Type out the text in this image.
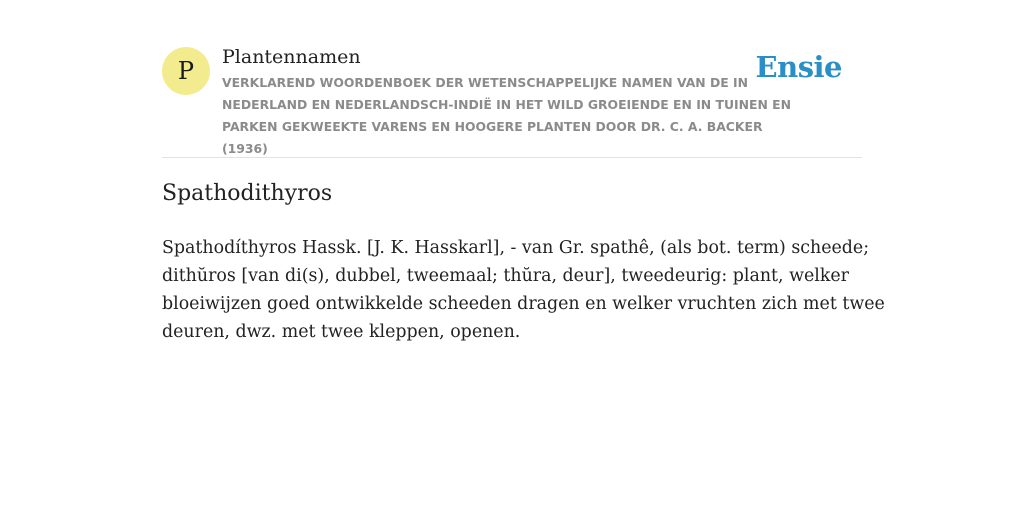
P	Plantennamen
VERKLAREND WOORDENBOEK DER WETENSCHAPPELIJKE NAMEN VAN DE IN NEDERLAND EN NEDERLANDSCH-INDIË IN HET WILD GROEIENDE EN IN TUINEN EN PARKEN GEKWEEKTE VARENS EN HOOGERE PLANTEN DOOR DR. C. A. BACKER (1936)
Ensie
Spathodithyros
Spathodíthyros Hassk. [J. K. Hasskarl], - van Gr. spathê, (als bot. term) scheede;
dithŭros [van di(s), dubbel, tweemaal; thŭra, deur], tweedeurig: plant, welker
bloeiwijzen goed ontwikkelde scheeden dragen en welker vruchten zich met twee
deuren, dwz. met twee kleppen, openen.
